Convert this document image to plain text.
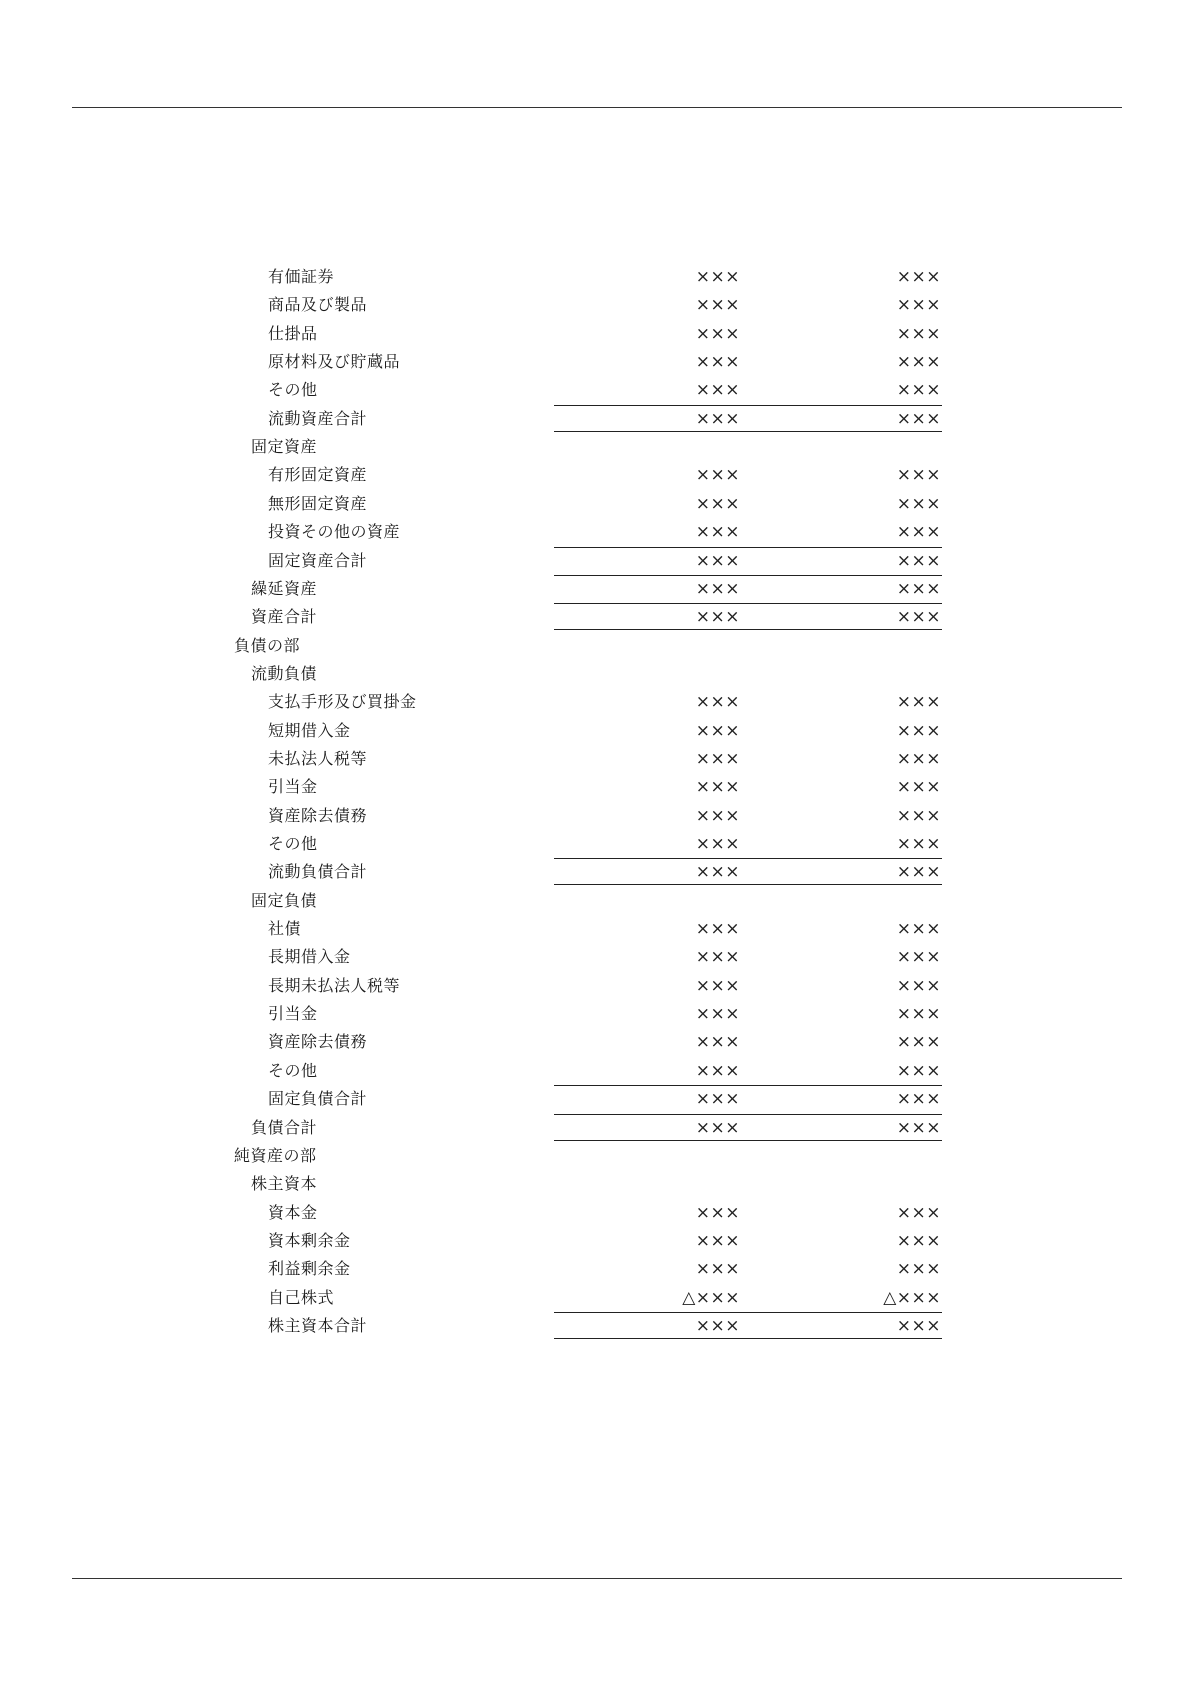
有価証券	×××	×××
商品及び製品	×××	×××
仕掛品	×××	×××
原材料及び貯蔵品	×××	×××
その他	×××	×××
流動資産合計	×××	×××
固定資産
有形固定資産	×××	×××
無形固定資産	×××	×××
投資その他の資産	×××	×××
固定資産合計	×××	×××
繰延資産	×××	×××
資産合計	×××	×××
負債の部
流動負債
支払手形及び買掛金	×××	×××
短期借入金	×××	×××
未払法人税等	×××	×××
引当金	×××	×××
資産除去債務	×××	×××
その他	×××	×××
流動負債合計	×××	×××
固定負債
社債	×××	×××
長期借入金	×××	×××
長期未払法人税等	×××	×××
引当金	×××	×××
資産除去債務	×××	×××
その他	×××	×××
固定負債合計	×××	×××
負債合計	×××	×××
純資産の部
株主資本
資本金	×××	×××
資本剰余金	×××	×××
利益剰余金	×××	×××
自己株式	△×××	△×××
株主資本合計	×××	×××
